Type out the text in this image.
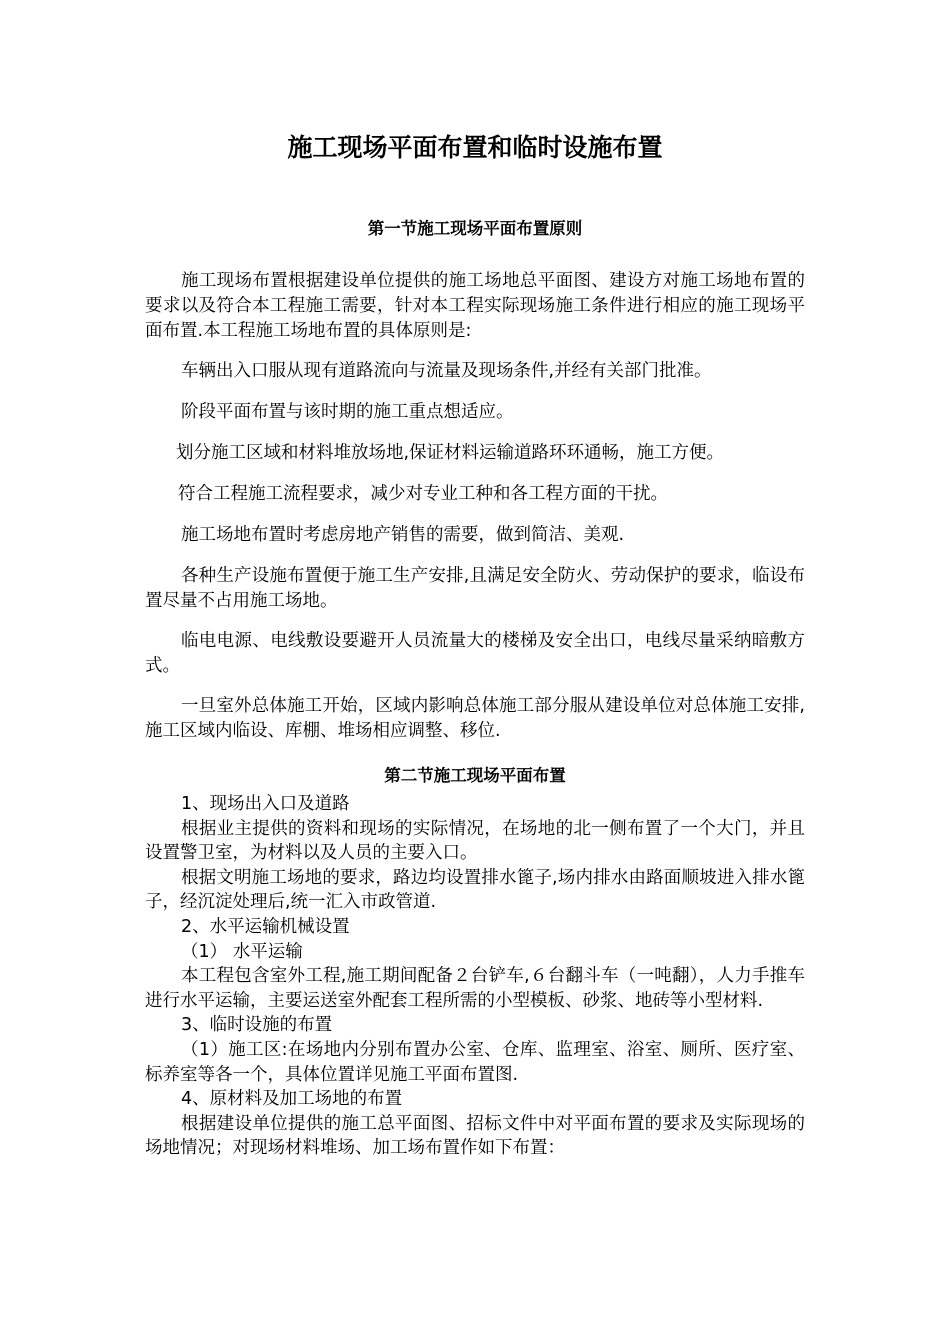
施工现场平面布置和临时设施布置
第一节施工现场平面布置原则

施工现场布置根据建设单位提供的施工场地总平面图、建设方对施工场地布置的要求以及符合本工程施工需要，针对本工程实际现场施工条件进行相应的施工现场平面布置.本工程施工场地布置的具体原则是:

车辆出入口服从现有道路流向与流量及现场条件,并经有关部门批准。

阶段平面布置与该时期的施工重点想适应。

划分施工区域和材料堆放场地,保证材料运输道路环环通畅，施工方便。

符合工程施工流程要求，减少对专业工种和各工程方面的干扰。

施工场地布置时考虑房地产销售的需要，做到简洁、美观.

各种生产设施布置便于施工生产安排,且满足安全防火、劳动保护的要求，临设布置尽量不占用施工场地。

临电电源、电线敷设要避开人员流量大的楼梯及安全出口，电线尽量采纳暗敷方式。

一旦室外总体施工开始，区域内影响总体施工部分服从建设单位对总体施工安排,施工区域内临设、库棚、堆场相应调整、移位.

第二节施工现场平面布置
1、现场出入口及道路
根据业主提供的资料和现场的实际情况，在场地的北一侧布置了一个大门，并且设置警卫室，为材料以及人员的主要入口。
根据文明施工场地的要求，路边均设置排水篦子,场内排水由路面顺坡进入排水篦子，经沉淀处理后,统一汇入市政管道.
2、水平运输机械设置
（1） 水平运输
本工程包含室外工程,施工期间配备２台铲车,６台翻斗车（一吨翻），人力手推车进行水平运输，主要运送室外配套工程所需的小型模板、砂浆、地砖等小型材料.
3、临时设施的布置
（1）施工区:在场地内分别布置办公室、仓库、监理室、浴室、厕所、医疗室、标养室等各一个，具体位置详见施工平面布置图.
4、原材料及加工场地的布置
根据建设单位提供的施工总平面图、招标文件中对平面布置的要求及实际现场的场地情况；对现场材料堆场、加工场布置作如下布置：
